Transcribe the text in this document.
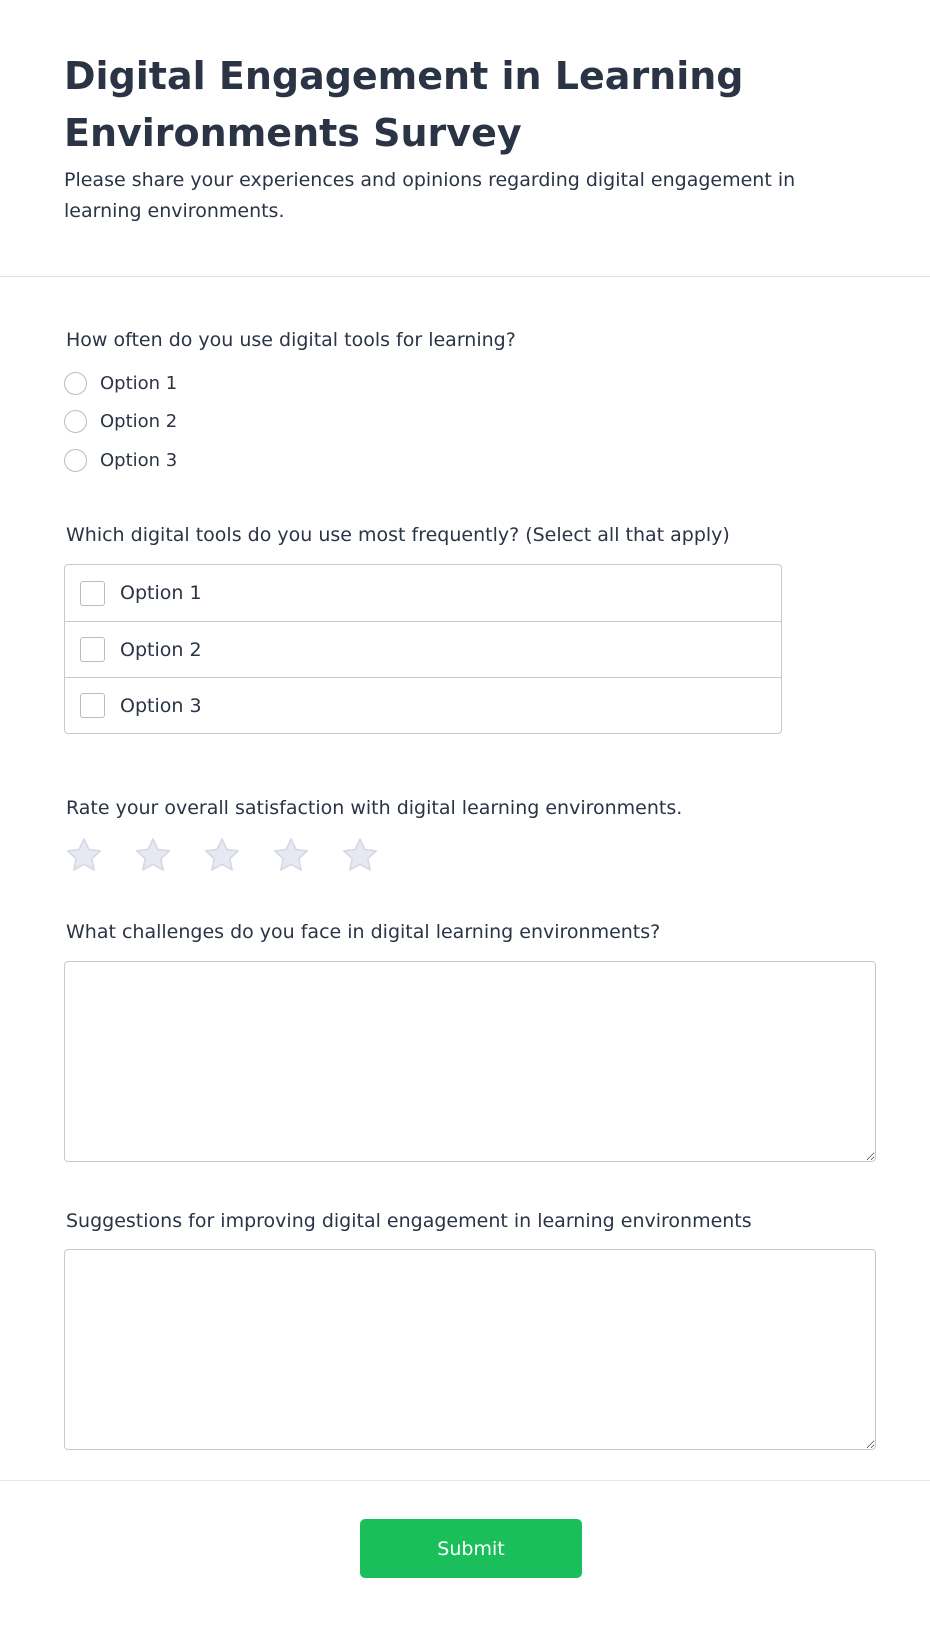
Digital Engagement in Learning Environments Survey

Please share your experiences and opinions regarding digital engagement in learning environments.

How often do you use digital tools for learning?
Option 1
Option 2
Option 3
Which digital tools do you use most frequently? (Select all that apply)
Option 1
Option 2
Option 3
Rate your overall satisfaction with digital learning environments.
What challenges do you face in digital learning environments?
Suggestions for improving digital engagement in learning environments
Submit
